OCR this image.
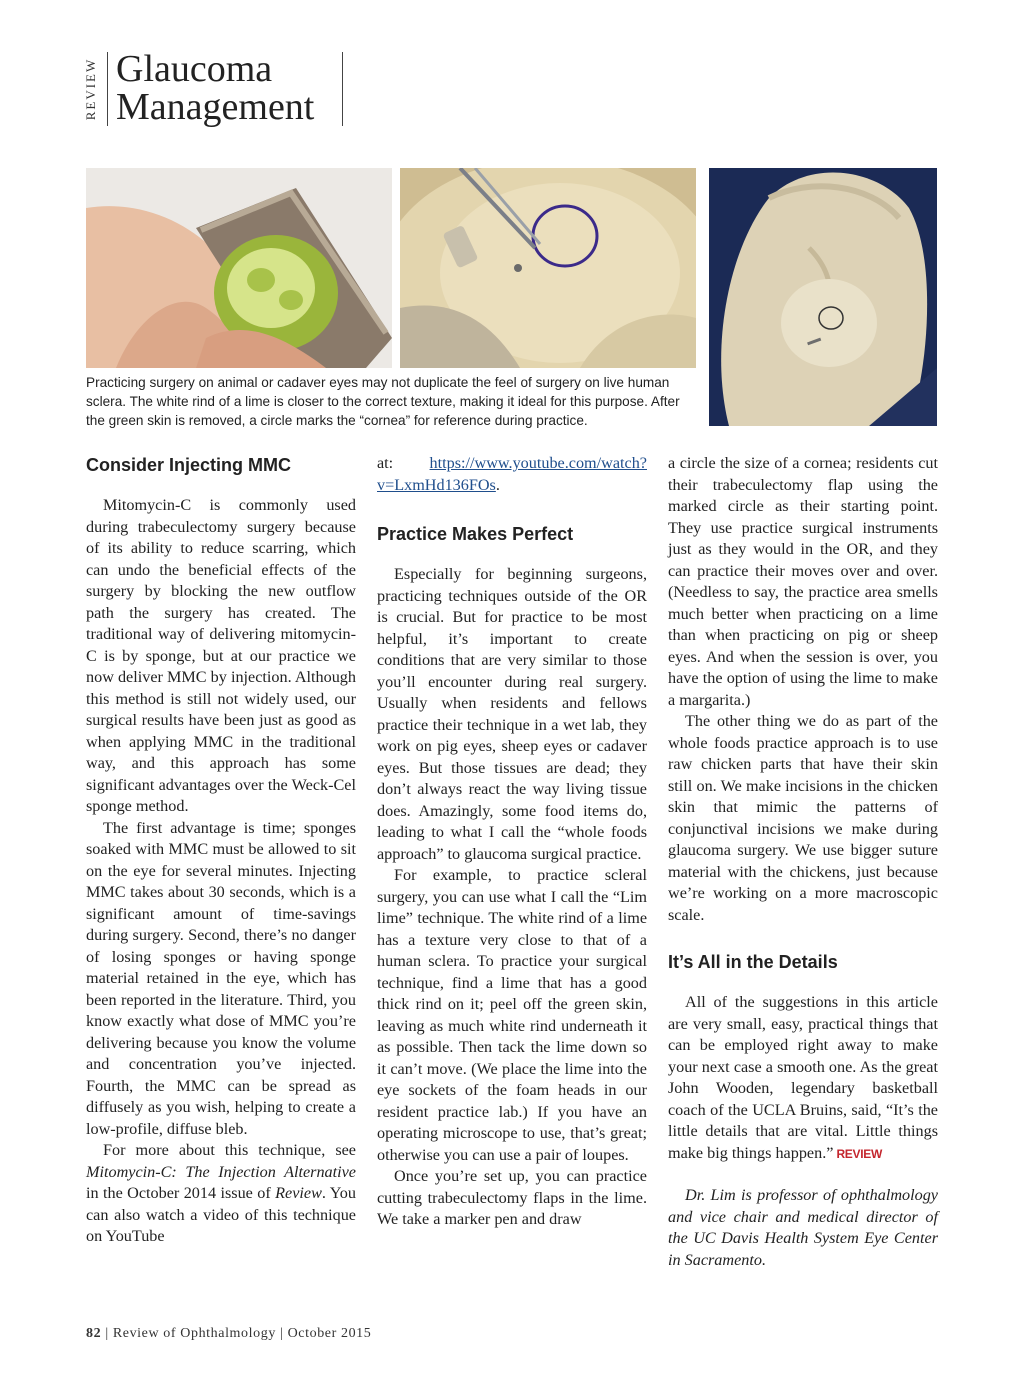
REVIEW Glaucoma
Management
Practicing surgery on animal or cadaver eyes may not duplicate the feel of surgery on live human sclera. The white rind of a lime is closer to the correct texture, making it ideal for this purpose. After the green skin is removed, a circle marks the “cornea” for reference during practice.
Consider Injecting MMC

Mitomycin-C is commonly used during trabeculectomy surgery because of its ability to reduce scarring, which can undo the beneficial effects of the surgery by blocking the new outflow path the surgery has created. The traditional way of delivering mitomycin-C is by sponge, but at our practice we now deliver MMC by injection. Although this method is still not widely used, our surgical results have been just as good as when applying MMC in the traditional way, and this approach has some significant advantages over the Weck-Cel sponge method.

The first advantage is time; sponges soaked with MMC must be allowed to sit on the eye for several minutes. Injecting MMC takes about 30 seconds, which is a significant amount of time-savings during surgery. Second, there’s no danger of losing sponges or having sponge material retained in the eye, which has been reported in the literature. Third, you know exactly what dose of MMC you’re delivering because you know the volume and concentration you’ve injected. Fourth, the MMC can be spread as diffusely as you wish, helping to create a low-profile, diffuse bleb.

For more about this technique, see Mitomycin-C: The Injection Alternative in the October 2014 issue of Review. You can also watch a video of this technique on YouTube

at: https://www.youtube.com/watch?v=LxmHd136FOs.

Practice Makes Perfect

Especially for beginning surgeons, practicing techniques outside of the OR is crucial. But for practice to be most helpful, it’s important to create conditions that are very similar to those you’ll encounter during real surgery. Usually when residents and fellows practice their technique in a wet lab, they work on pig eyes, sheep eyes or cadaver eyes. But those tissues are dead; they don’t always react the way living tissue does. Amazingly, some food items do, leading to what I call the “whole foods approach” to glaucoma surgical practice.

For example, to practice scleral surgery, you can use what I call the “Lim lime” technique. The white rind of a lime has a texture very close to that of a human sclera. To practice your surgical technique, find a lime that has a good thick rind on it; peel off the green skin, leaving as much white rind underneath it as possible. Then tack the lime down so it can’t move. (We place the lime into the eye sockets of the foam heads in our resident practice lab.) If you have an operating microscope to use, that’s great; otherwise you can use a pair of loupes.

Once you’re set up, you can practice cutting trabeculectomy flaps in the lime. We take a marker pen and draw

a circle the size of a cornea; residents cut their trabeculectomy flap using the marked circle as their starting point. They use practice surgical instruments just as they would in the OR, and they can practice their moves over and over. (Needless to say, the practice area smells much better when practicing on a lime than when practicing on pig or sheep eyes. And when the session is over, you have the option of using the lime to make a margarita.)

The other thing we do as part of the whole foods practice approach is to use raw chicken parts that have their skin still on. We make incisions in the chicken skin that mimic the patterns of conjunctival incisions we make during glaucoma surgery. We use bigger suture material with the chickens, just because we’re working on a more macroscopic scale.

It’s All in the Details

All of the suggestions in this article are very small, easy, practical things that can be employed right away to make your next case a smooth one. As the great John Wooden, legendary basketball coach of the UCLA Bruins, said, “It’s the little details that are vital. Little things make big things happen.” REVIEW

Dr. Lim is professor of ophthalmology and vice chair and medical director of the UC Davis Health System Eye Center in Sacramento.

82 | Review of Ophthalmology | October 2015
